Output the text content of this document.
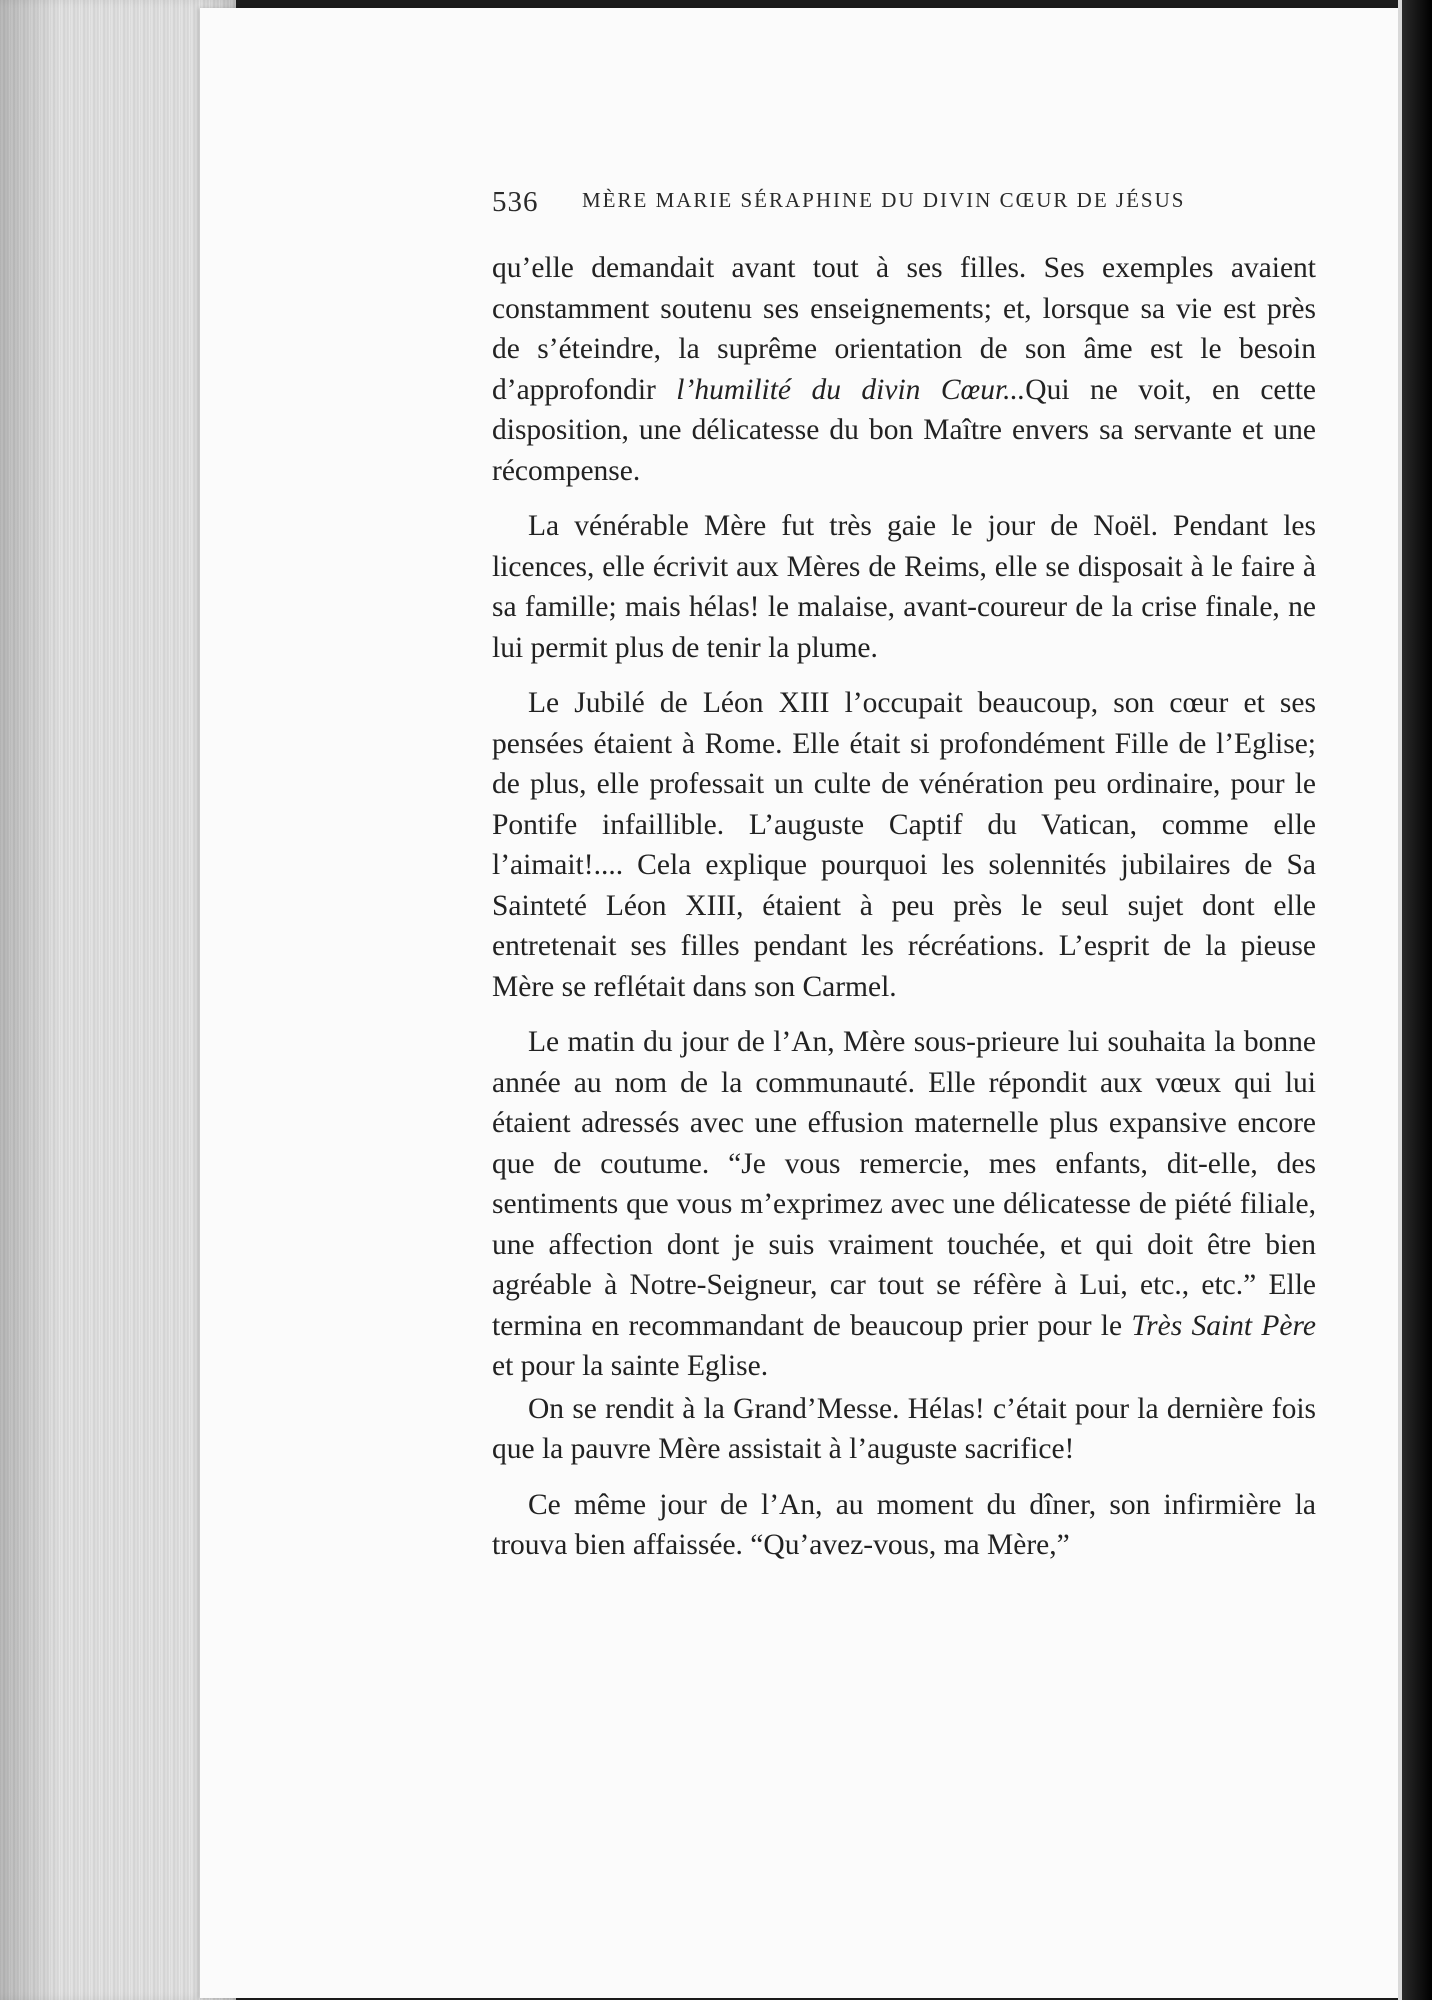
536 MÈRE MARIE SÉRAPHINE DU DIVIN CŒUR DE JÉSUS

qu’elle demandait avant tout à ses filles. Ses exemples avaient constamment soutenu ses enseignements; et, lorsque sa vie est près de s’éteindre, la suprême orientation de son âme est le besoin d’approfondir l’humilité du divin Cœur...Qui ne voit, en cette disposition, une délicatesse du bon Maître envers sa servante et une récompense.

La vénérable Mère fut très gaie le jour de Noël. Pendant les licences, elle écrivit aux Mères de Reims, elle se disposait à le faire à sa famille; mais hélas! le malaise, avant-coureur de la crise finale, ne lui permit plus de tenir la plume.

Le Jubilé de Léon XIII l’occupait beaucoup, son cœur et ses pensées étaient à Rome. Elle était si profondément Fille de l’Eglise; de plus, elle professait un culte de vénération peu ordinaire, pour le Pontife infaillible. L’auguste Captif du Vatican, comme elle l’aimait!.... Cela explique pourquoi les solennités jubilaires de Sa Sainteté Léon XIII, étaient à peu près le seul sujet dont elle entretenait ses filles pendant les récréations. L’esprit de la pieuse Mère se reflétait dans son Carmel.

Le matin du jour de l’An, Mère sous-prieure lui souhaita la bonne année au nom de la communauté. Elle répondit aux vœux qui lui étaient adressés avec une effusion maternelle plus expansive encore que de coutume. “Je vous remercie, mes enfants, dit-elle, des sentiments que vous m’exprimez avec une délicatesse de piété filiale, une affection dont je suis vraiment touchée, et qui doit être bien agréable à Notre-Seigneur, car tout se réfère à Lui, etc., etc.” Elle termina en recommandant de beaucoup prier pour le Très Saint Père et pour la sainte Eglise.

On se rendit à la Grand’Messe. Hélas! c’était pour la dernière fois que la pauvre Mère assistait à l’auguste sacrifice!

Ce même jour de l’An, au moment du dîner, son infirmière la trouva bien affaissée. “Qu’avez-vous, ma Mère,”
